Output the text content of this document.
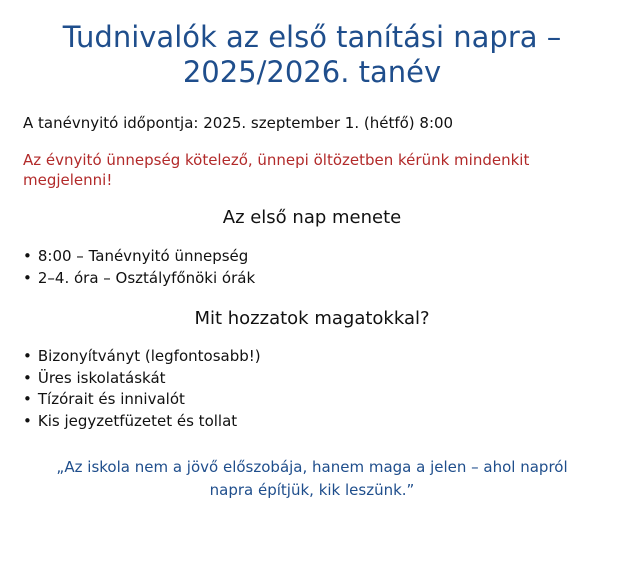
Tudnivalók az első tanítási napra –
2025/2026. tanév
A tanévnyitó időpontja: 2025. szeptember 1. (hétfő) 8:00
Az évnyitó ünnepség kötelező, ünnepi öltözetben kérünk mindenkit megjelenni!
Az első nap menete
• 8:00 – Tanévnyitó ünnepség
• 2–4. óra – Osztályfőnöki órák
Mit hozzatok magatokkal?
• Bizonyítványt (legfontosabb!)
• Üres iskolatáskát
• Tízórait és innivalót
• Kis jegyzetfüzetet és tollat
„Az iskola nem a jövő előszobája, hanem maga a jelen – ahol napról
napra építjük, kik leszünk.”
